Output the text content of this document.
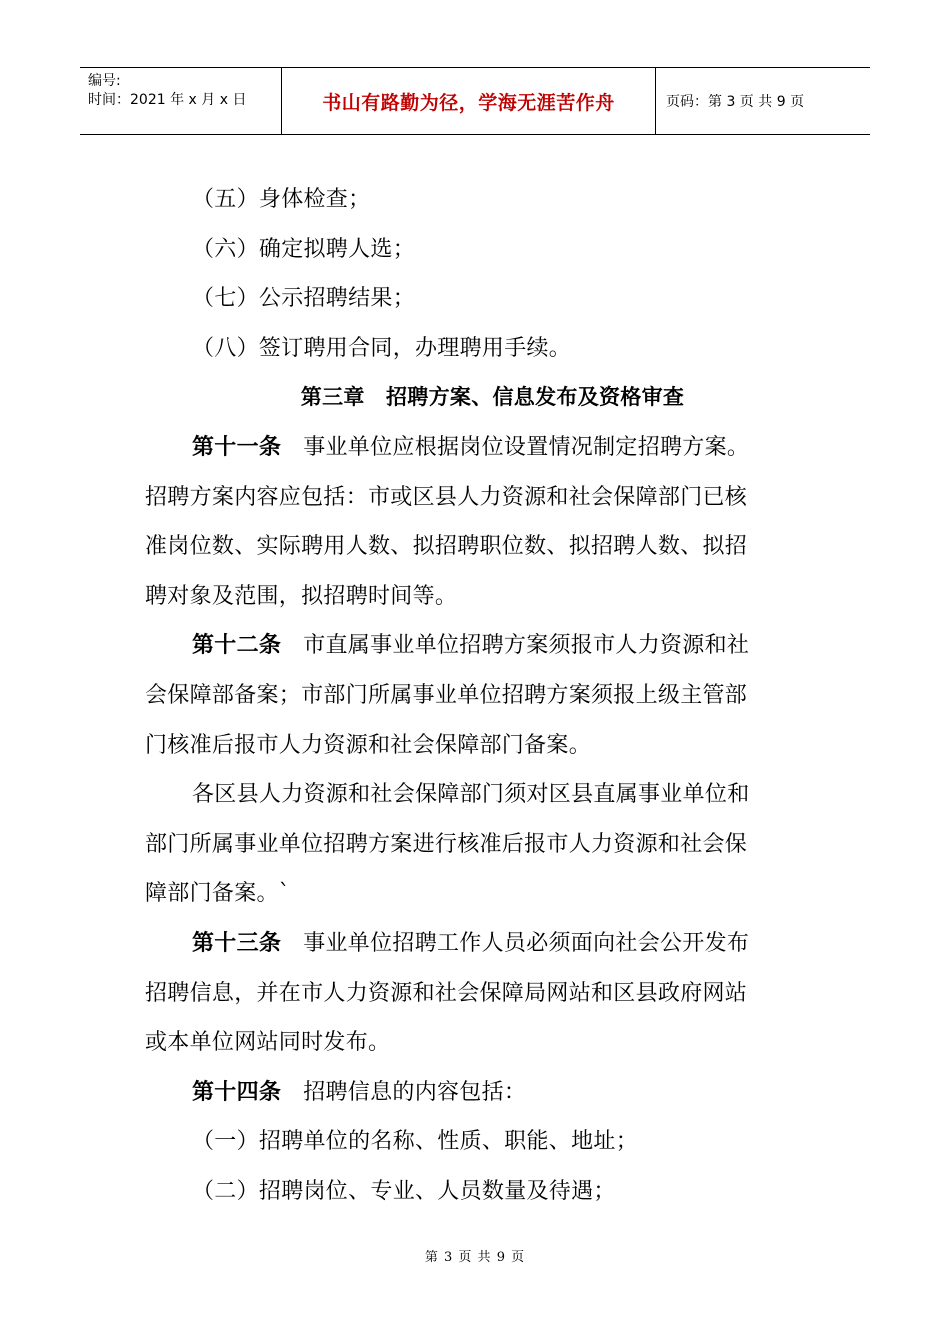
编号:
时间：2021 年 x 月 x 日	书山有路勤为径，学海无涯苦作舟	页码：第 3 页 共 9 页
（五）身体检查；
（六）确定拟聘人选；
（七）公示招聘结果；
（八）签订聘用合同，办理聘用手续。
第三章　招聘方案、信息发布及资格审查
第十一条 事业单位应根据岗位设置情况制定招聘方案。
招聘方案内容应包括：市或区县人力资源和社会保障部门已核
准岗位数、实际聘用人数、拟招聘职位数、拟招聘人数、拟招
聘对象及范围，拟招聘时间等。
第十二条 市直属事业单位招聘方案须报市人力资源和社
会保障部备案；市部门所属事业单位招聘方案须报上级主管部
门核准后报市人力资源和社会保障部门备案。
各区县人力资源和社会保障部门须对区县直属事业单位和
部门所属事业单位招聘方案进行核准后报市人力资源和社会保
障部门备案。`
第十三条 事业单位招聘工作人员必须面向社会公开发布
招聘信息，并在市人力资源和社会保障局网站和区县政府网站
或本单位网站同时发布。
第十四条 招聘信息的内容包括：
（一）招聘单位的名称、性质、职能、地址；
（二）招聘岗位、专业、人员数量及待遇；
第 3 页 共 9 页
